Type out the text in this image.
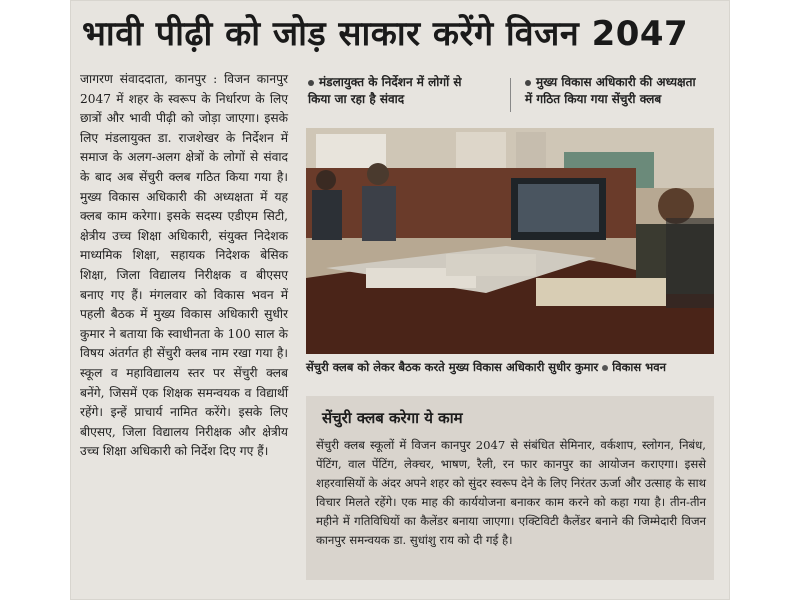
भावी पीढ़ी को जोड़ साकार करेंगे विजन 2047
जागरण संवाददाता, कानपुर : विजन कानपुर 2047 में शहर के स्वरूप के निर्धारण के लिए छात्रों और भावी पीढ़ी को जोड़ा जाएगा। इसके लिए मंडलायुक्त डा. राजशेखर के निर्देशन में समाज के अलग-अलग क्षेत्रों के लोगों से संवाद के बाद अब सेंचुरी क्लब गठित किया गया है। मुख्य विकास अधिकारी की अध्यक्षता में यह क्लब काम करेगा। इसके सदस्य एडीएम सिटी, क्षेत्रीय उच्च शिक्षा अधिकारी, संयुक्त निदेशक माध्यमिक शिक्षा, सहायक निदेशक बेसिक शिक्षा, जिला विद्यालय निरीक्षक व बीएसए बनाए गए हैं। मंगलवार को विकास भवन में पहली बैठक में मुख्य विकास अधिकारी सुधीर कुमार ने बताया कि स्वाधीनता के 100 साल के विषय अंतर्गत ही सेंचुरी क्लब नाम रखा गया है। स्कूल व महाविद्यालय स्तर पर सेंचुरी क्लब बनेंगे, जिसमें एक शिक्षक समन्वयक व विद्यार्थी रहेंगे। इन्हें प्राचार्य नामित करेंगे। इसके लिए बीएसए, जिला विद्यालय निरीक्षक और क्षेत्रीय उच्च शिक्षा अधिकारी को निर्देश दिए गए हैं।
मंडलायुक्त के निर्देशन में लोगों से किया जा रहा है संवाद
मुख्य विकास अधिकारी की अध्यक्षता में गठित किया गया सेंचुरी क्लब
सेंचुरी क्लब को लेकर बैठक करते मुख्य विकास अधिकारी सुधीर कुमार विकास भवन
सेंचुरी क्लब करेगा ये काम
सेंचुरी क्लब स्कूलों में विजन कानपुर 2047 से संबंधित सेमिनार, वर्कशाप, स्लोगन, निबंध, पेंटिंग, वाल पेंटिंग, लेक्चर, भाषण, रैली, रन फार कानपुर का आयोजन कराएगा। इससे शहरवासियों के अंदर अपने शहर को सुंदर स्वरूप देने के लिए निरंतर ऊर्जा और उत्साह के साथ विचार मिलते रहेंगे। एक माह की कार्ययोजना बनाकर काम करने को कहा गया है। तीन-तीन महीने में गतिविधियों का कैलेंडर बनाया जाएगा। एक्टिविटी कैलेंडर बनाने की जिम्मेदारी विजन कानपुर समन्वयक डा. सुधांशु राय को दी गई है।
